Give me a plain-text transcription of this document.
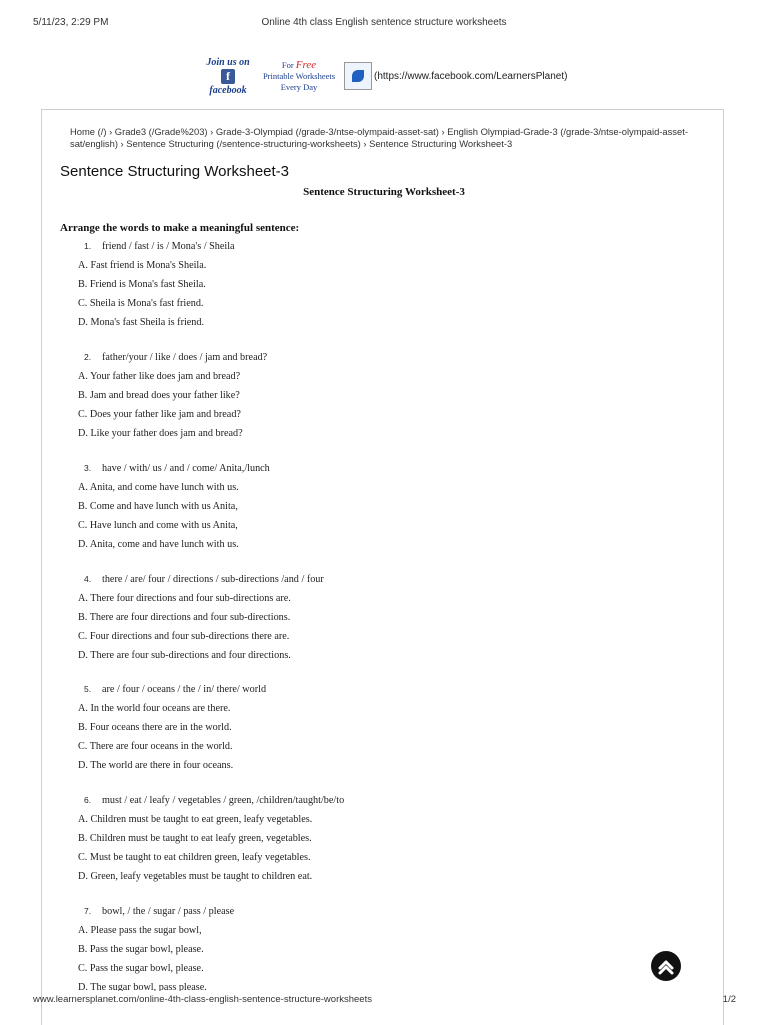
5/11/23, 2:29 PM	Online 4th class English sentence structure worksheets
Join us on
f
facebook
For Free
Printable Worksheets
Every Day
(https://www.facebook.com/LearnersPlanet)
Home (/) › Grade3 (/Grade%203) › Grade-3-Olympiad (/grade-3/ntse-olympaid-asset-sat) › English Olympiad-Grade-3 (/grade-3/ntse-olympaid-asset-sat/english) › Sentence Structuring (/sentence-structuring-worksheets) › Sentence Structuring Worksheet-3
Sentence Structuring Worksheet-3
Sentence Structuring Worksheet-3
Arrange the words to make a meaningful sentence:
1. friend / fast / is / Mona's / Sheila
A. Fast friend is Mona's Sheila.
B. Friend is Mona's fast Sheila.
C. Sheila is Mona's fast friend.
D. Mona's fast Sheila is friend.
2. father/your / like / does / jam and bread?
A. Your father like does jam and bread?
B. Jam and bread does your father like?
C. Does your father like jam and bread?
D. Like your father does jam and bread?
3. have / with/ us / and / come/ Anita,/lunch
A. Anita, and come have lunch with us.
B. Come and have lunch with us Anita,
C. Have lunch and come with us Anita,
D. Anita, come and have lunch with us.
4. there / are/ four / directions / sub-directions /and / four
A. There four directions and four sub-directions are.
B. There are four directions and four sub-directions.
C. Four directions and four sub-directions there are.
D. There are four sub-directions and four directions.
5. are / four / oceans / the / in/ there/ world
A. In the world four oceans are there.
B. Four oceans there are in the world.
C. There are four oceans in the world.
D. The world are there in four oceans.
6. must / eat / leafy / vegetables / green, /children/taught/be/to
A. Children must be taught to eat green, leafy vegetables.
B. Children must be taught to eat leafy green, vegetables.
C. Must be taught to eat children green, leafy vegetables.
D. Green, leafy vegetables must be taught to children eat.
7. bowl, / the / sugar / pass / please
A. Please pass the sugar bowl,
B. Pass the sugar bowl, please.
C. Pass the sugar bowl, please.
D. The sugar bowl, pass please.
www.learnersplanet.com/online-4th-class-english-sentence-structure-worksheets	1/2
